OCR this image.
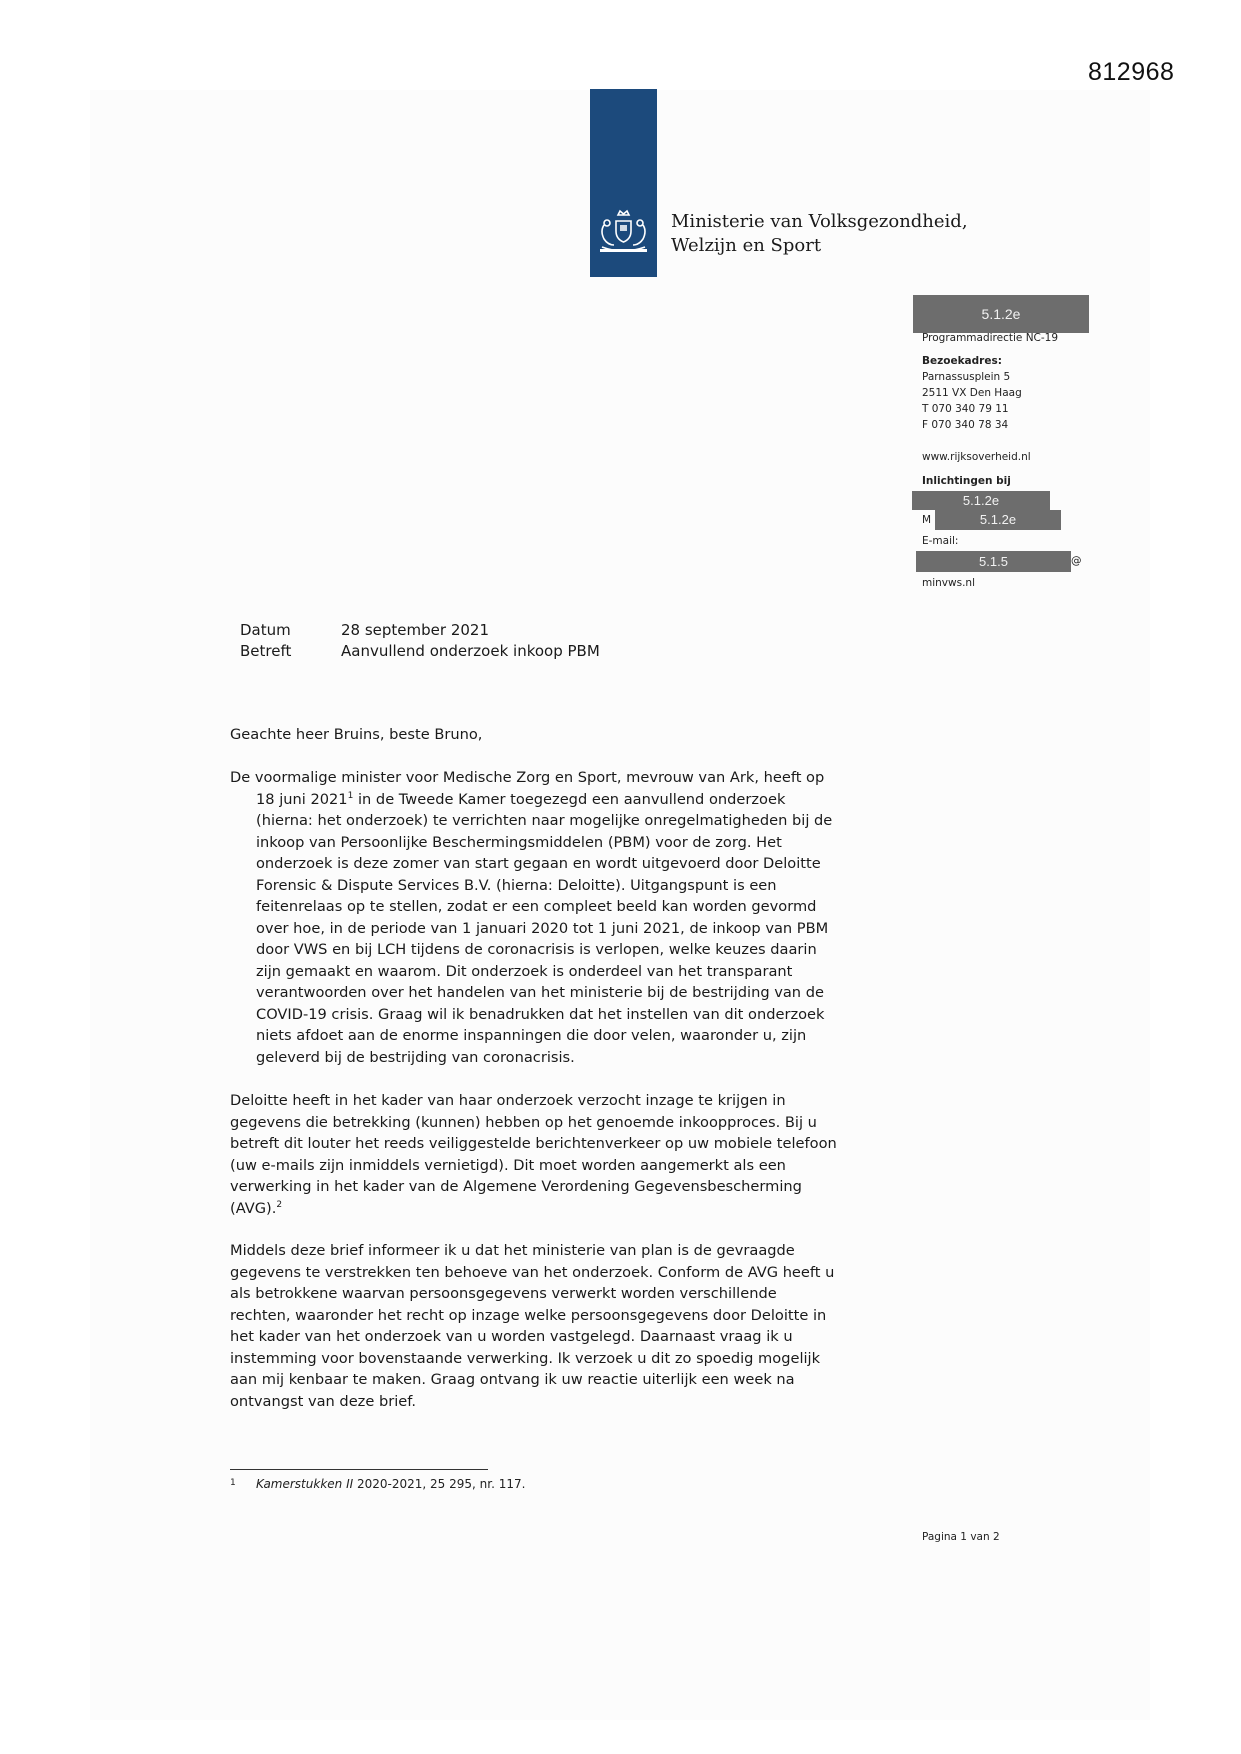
812968
Ministerie van Volksgezondheid,
Welzijn en Sport
5.1.2e
Programmadirectie NC-19
Bezoekadres:
Parnassusplein 5
2511 VX Den Haag
T 070 340 79 11
F 070 340 78 34
www.rijksoverheid.nl
Inlichtingen bij
5.1.2e
M	5.1.2e
E-mail:
5.1.5	@
minvws.nl
Datum	28 september 2021
Betreft	Aanvullend onderzoek inkoop PBM
Geachte heer Bruins, beste Bruno,
De voormalige minister voor Medische Zorg en Sport, mevrouw van Ark, heeft op
18 juni 2021$^1$ in de Tweede Kamer toegezegd een aanvullend onderzoek
(hierna: het onderzoek) te verrichten naar mogelijke onregelmatigheden bij de
inkoop van Persoonlijke Beschermingsmiddelen (PBM) voor de zorg. Het
onderzoek is deze zomer van start gegaan en wordt uitgevoerd door Deloitte
Forensic & Dispute Services B.V. (hierna: Deloitte). Uitgangspunt is een
feitenrelaas op te stellen, zodat er een compleet beeld kan worden gevormd
over hoe, in de periode van 1 januari 2020 tot 1 juni 2021, de inkoop van PBM
door VWS en bij LCH tijdens de coronacrisis is verlopen, welke keuzes daarin
zijn gemaakt en waarom. Dit onderzoek is onderdeel van het transparant
verantwoorden over het handelen van het ministerie bij de bestrijding van de
COVID-19 crisis. Graag wil ik benadrukken dat het instellen van dit onderzoek
niets afdoet aan de enorme inspanningen die door velen, waaronder u, zijn
geleverd bij de bestrijding van coronacrisis.
Deloitte heeft in het kader van haar onderzoek verzocht inzage te krijgen in
gegevens die betrekking (kunnen) hebben op het genoemde inkoopproces. Bij u
betreft dit louter het reeds veiliggestelde berichtenverkeer op uw mobiele telefoon
(uw e-mails zijn inmiddels vernietigd). Dit moet worden aangemerkt als een
verwerking in het kader van de Algemene Verordening Gegevensbescherming
(AVG).$^2$
Middels deze brief informeer ik u dat het ministerie van plan is de gevraagde
gegevens te verstrekken ten behoeve van het onderzoek. Conform de AVG heeft u
als betrokkene waarvan persoonsgegevens verwerkt worden verschillende
rechten, waaronder het recht op inzage welke persoonsgegevens door Deloitte in
het kader van het onderzoek van u worden vastgelegd. Daarnaast vraag ik u
instemming voor bovenstaande verwerking. Ik verzoek u dit zo spoedig mogelijk
aan mij kenbaar te maken. Graag ontvang ik uw reactie uiterlijk een week na
ontvangst van deze brief.
1 Kamerstukken II 2020-2021, 25 295, nr. 117.
Pagina 1 van 2
